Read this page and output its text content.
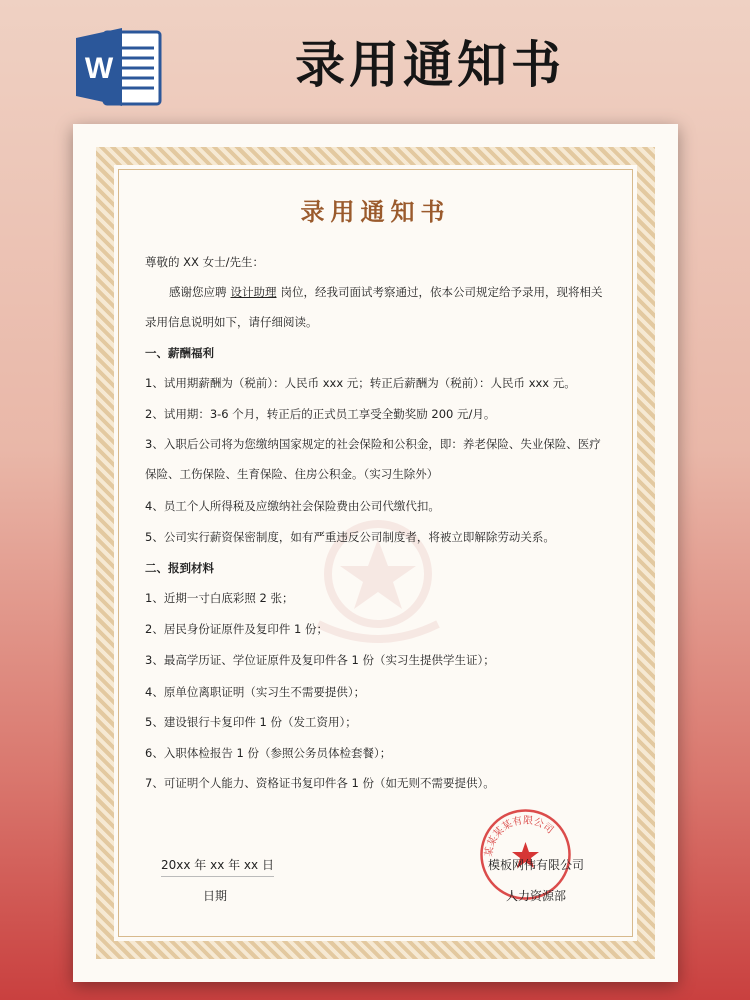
W	录用通知书
录用通知书
尊敬的 XX 女士/先生：
感谢您应聘 设计助理 岗位，经我司面试考察通过，依本公司规定给予录用，现将相关
录用信息说明如下，请仔细阅读。
一、薪酬福利
1、试用期薪酬为（税前）：人民币 xxx 元；转正后薪酬为（税前）：人民币 xxx 元。
2、试用期：3-6 个月，转正后的正式员工享受全勤奖励 200 元/月。
3、入职后公司将为您缴纳国家规定的社会保险和公积金，即：养老保险、失业保险、医疗
保险、工伤保险、生育保险、住房公积金。（实习生除外）
4、员工个人所得税及应缴纳社会保险费由公司代缴代扣。
5、公司实行薪资保密制度，如有严重违反公司制度者，将被立即解除劳动关系。
二、报到材料
1、近期一寸白底彩照 2 张；
2、居民身份证原件及复印件 1 份；
3、最高学历证、学位证原件及复印件各 1 份（实习生提供学生证）；
4、原单位离职证明（实习生不需要提供）；
5、建设银行卡复印件 1 份（发工资用）；
6、入职体检报告 1 份（参照公务员体检套餐）；
7、可证明个人能力、资格证书复印件各 1 份（如无则不需要提供）。
20xx 年 xx 年 xx 日
日期
某某某某有限公司
模板网伟有限公司
人力资源部
